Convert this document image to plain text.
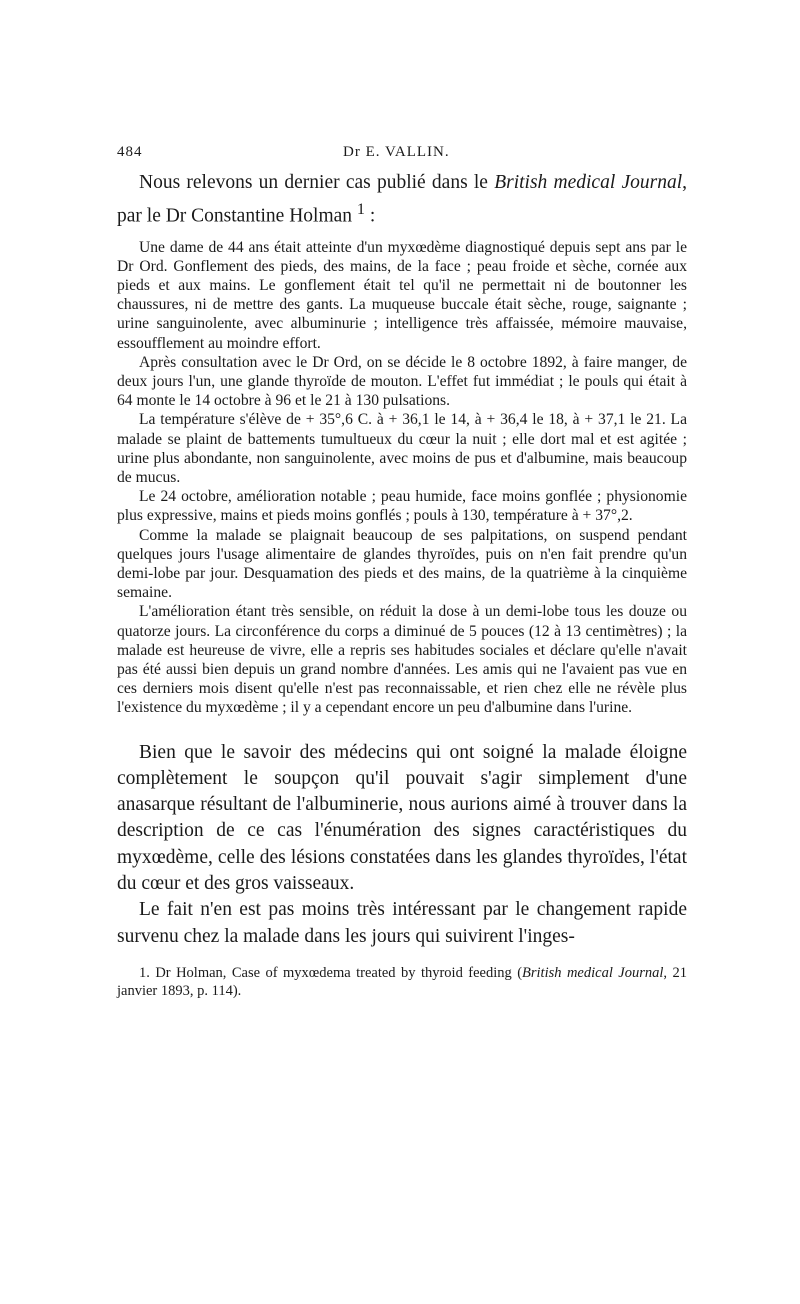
484	Dr E. VALLIN.

Nous relevons un dernier cas publié dans le British medical Journal, par le Dr Constantine Holman $^1$ :

Une dame de 44 ans était atteinte d'un myxœdème diagnostiqué depuis sept ans par le Dr Ord. Gonflement des pieds, des mains, de la face ; peau froide et sèche, cornée aux pieds et aux mains. Le gonflement était tel qu'il ne permettait ni de boutonner les chaussures, ni de mettre des gants. La muqueuse buccale était sèche, rouge, saignante ; urine sanguinolente, avec albuminurie ; intelligence très affaissée, mémoire mauvaise, essoufflement au moindre effort.

Après consultation avec le Dr Ord, on se décide le 8 octobre 1892, à faire manger, de deux jours l'un, une glande thyroïde de mouton. L'effet fut immédiat ; le pouls qui était à 64 monte le 14 octobre à 96 et le 21 à 130 pulsations.

La température s'élève de + 35°,6 C. à + 36,1 le 14, à + 36,4 le 18, à + 37,1 le 21. La malade se plaint de battements tumultueux du cœur la nuit ; elle dort mal et est agitée ; urine plus abondante, non sanguinolente, avec moins de pus et d'albumine, mais beaucoup de mucus.

Le 24 octobre, amélioration notable ; peau humide, face moins gonflée ; physionomie plus expressive, mains et pieds moins gonflés ; pouls à 130, température à + 37°,2.

Comme la malade se plaignait beaucoup de ses palpitations, on suspend pendant quelques jours l'usage alimentaire de glandes thyroïdes, puis on n'en fait prendre qu'un demi-lobe par jour. Desquamation des pieds et des mains, de la quatrième à la cinquième semaine.

L'amélioration étant très sensible, on réduit la dose à un demi-lobe tous les douze ou quatorze jours. La circonférence du corps a diminué de 5 pouces (12 à 13 centimètres) ; la malade est heureuse de vivre, elle a repris ses habitudes sociales et déclare qu'elle n'avait pas été aussi bien depuis un grand nombre d'années. Les amis qui ne l'avaient pas vue en ces derniers mois disent qu'elle n'est pas reconnaissable, et rien chez elle ne révèle plus l'existence du myxœdème ; il y a cependant encore un peu d'albumine dans l'urine.

Bien que le savoir des médecins qui ont soigné la malade éloigne complètement le soupçon qu'il pouvait s'agir simplement d'une anasarque résultant de l'albuminerie, nous aurions aimé à trouver dans la description de ce cas l'énumération des signes caractéristiques du myxœdème, celle des lésions constatées dans les glandes thyroïdes, l'état du cœur et des gros vaisseaux.

Le fait n'en est pas moins très intéressant par le changement rapide survenu chez la malade dans les jours qui suivirent l'inges-

1. Dr Holman, Case of myxœdema treated by thyroid feeding (British medical Journal, 21 janvier 1893, p. 114).
